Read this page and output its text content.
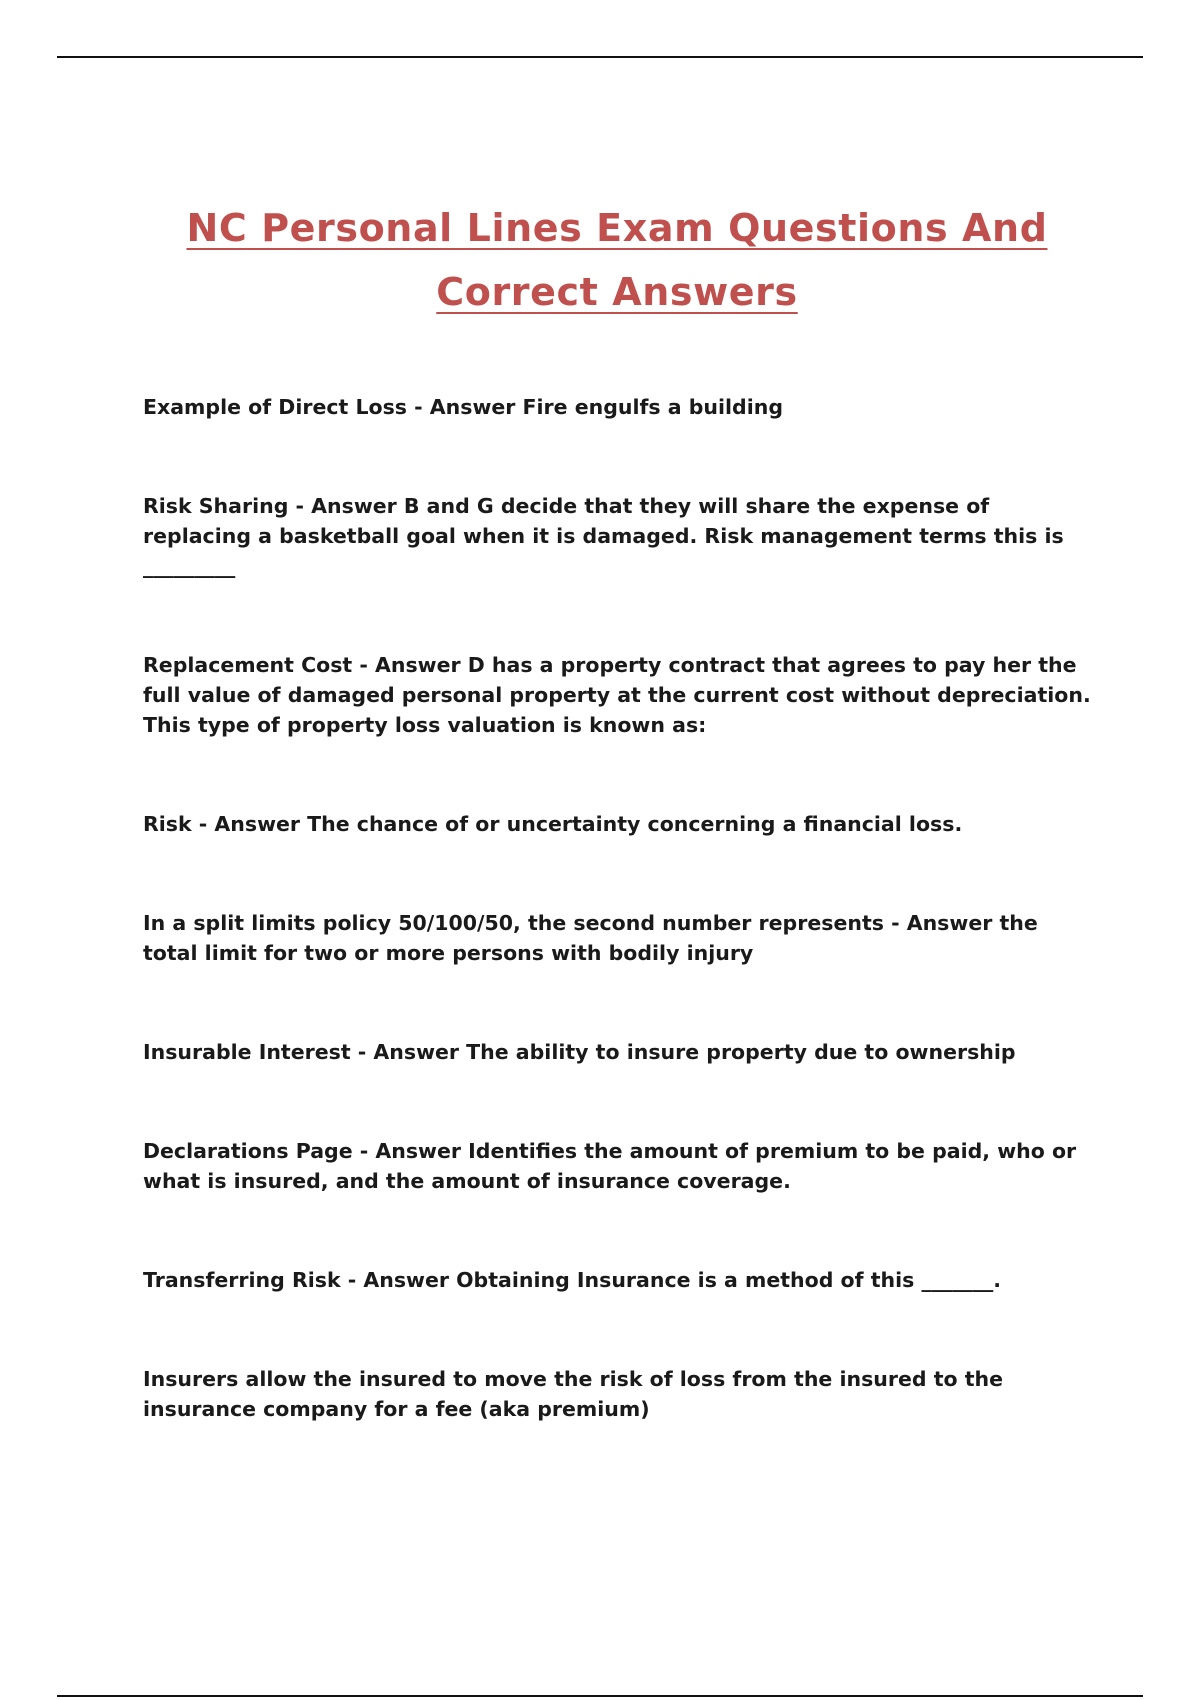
NC Personal Lines Exam Questions And
Correct Answers

Example of Direct Loss - Answer Fire engulfs a building

Risk Sharing - Answer B and G decide that they will share the expense of replacing a basketball goal when it is damaged. Risk management terms this is _________

Replacement Cost - Answer D has a property contract that agrees to pay her the full value of damaged personal property at the current cost without depreciation. This type of property loss valuation is known as:

Risk - Answer The chance of or uncertainty concerning a financial loss.

In a split limits policy 50/100/50, the second number represents - Answer the total limit for two or more persons with bodily injury

Insurable Interest - Answer The ability to insure property due to ownership

Declarations Page - Answer Identifies the amount of premium to be paid, who or what is insured, and the amount of insurance coverage.

Transferring Risk - Answer Obtaining Insurance is a method of this _______.

Insurers allow the insured to move the risk of loss from the insured to the insurance company for a fee (aka premium)
